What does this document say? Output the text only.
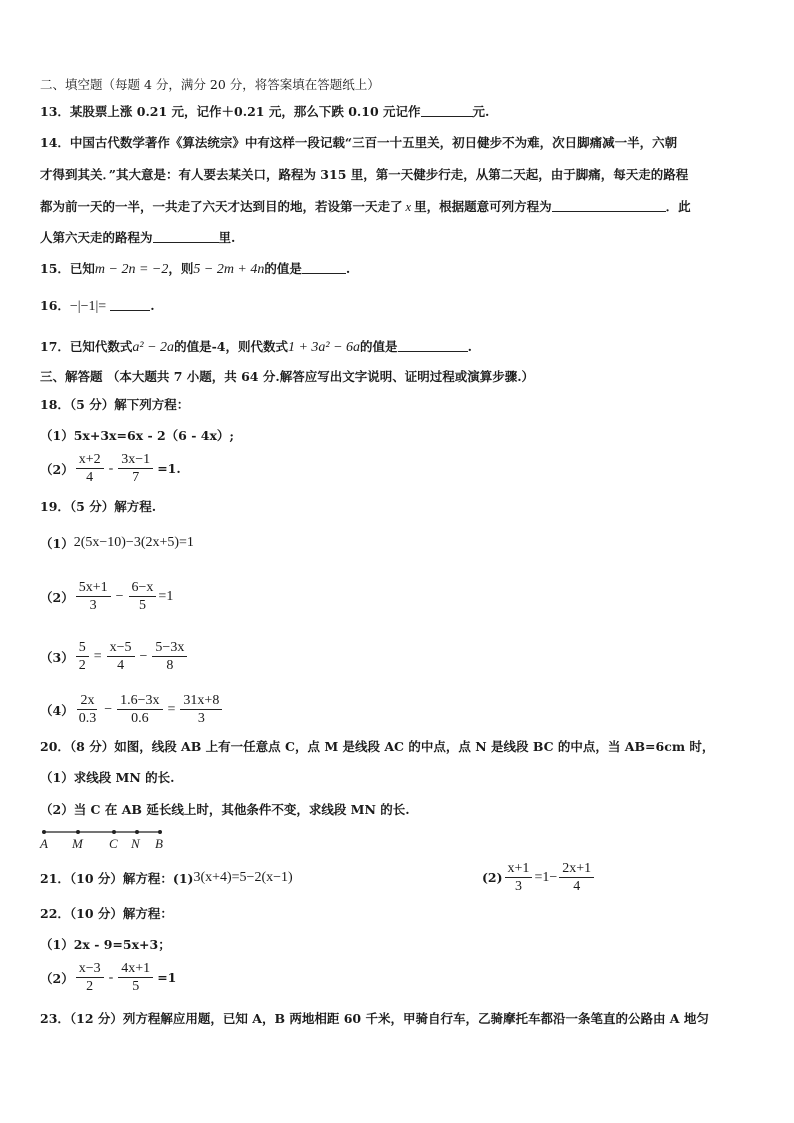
二、填空题（每题 4 分，满分 20 分，将答案填在答题纸上）
13．某股票上涨 0.21 元，记作＋0.21 元，那么下跌 0.10 元记作	元.
14．中国古代数学著作《算法统宗》中有这样一段记载“三百一十五里关，初日健步不为难，次日脚痛减一半，六朝
才得到其关．”其大意是：有人要去某关口，路程为 315 里，第一天健步行走，从第二天起，由于脚痛，每天走的路程
都为前一天的一半，一共走了六天才达到目的地，若设第一天走了 x 里，根据题意可列方程为	．此
人第六天走的路程为	里.
15．已知m − 2n = −2，则5 − 2m + 4n的值是	.
16．−|−1|=	.
17．已知代数式a² − 2a的值是-4，则代数式1 + 3a² − 6a的值是	.
三、解答题 （本大题共 7 小题，共 64 分.解答应写出文字说明、证明过程或演算步骤.）
18．（5 分）解下列方程：
（1）5x+3x=6x - 2（6 - 4x）;
$(2) \frac{x+2}{4} - \frac{3x-1}{7} =1$.
19．（5 分）解方程.
（1） 2(5x−10)−3(2x+5)=1
$(2) \frac{5x+1}{3} - \frac{6-x}{5} =1$
$(3) \frac{5}{2} = \frac{x-5}{4} - \frac{5-3x}{8}$
$(4) \frac{2x}{0.3} - \frac{1.6-3x}{0.6} = \frac{31x+8}{3}$
20．（8 分）如图，线段 AB 上有一任意点 C，点 M 是线段 AC 的中点，点 N 是线段 BC 的中点，当 AB=6cm 时，
（1）求线段 MN 的长.
（2）当 C 在 AB 延长线上时，其他条件不变，求线段 MN 的长.
A M C N B
21．（10 分）解方程： (1) 3(x+4)=5−2(x−1)	$(2) \frac{x+1}{3} =1- \frac{2x+1}{4}$
22．（10 分）解方程：
（1）2x - 9=5x+3；
$(2) \frac{x-3}{2} - \frac{4x+1}{5} =1$
23．（12 分）列方程解应用题，已知 A，B 两地相距 60 千米，甲骑自行车，乙骑摩托车都沿一条笔直的公路由 A 地匀
